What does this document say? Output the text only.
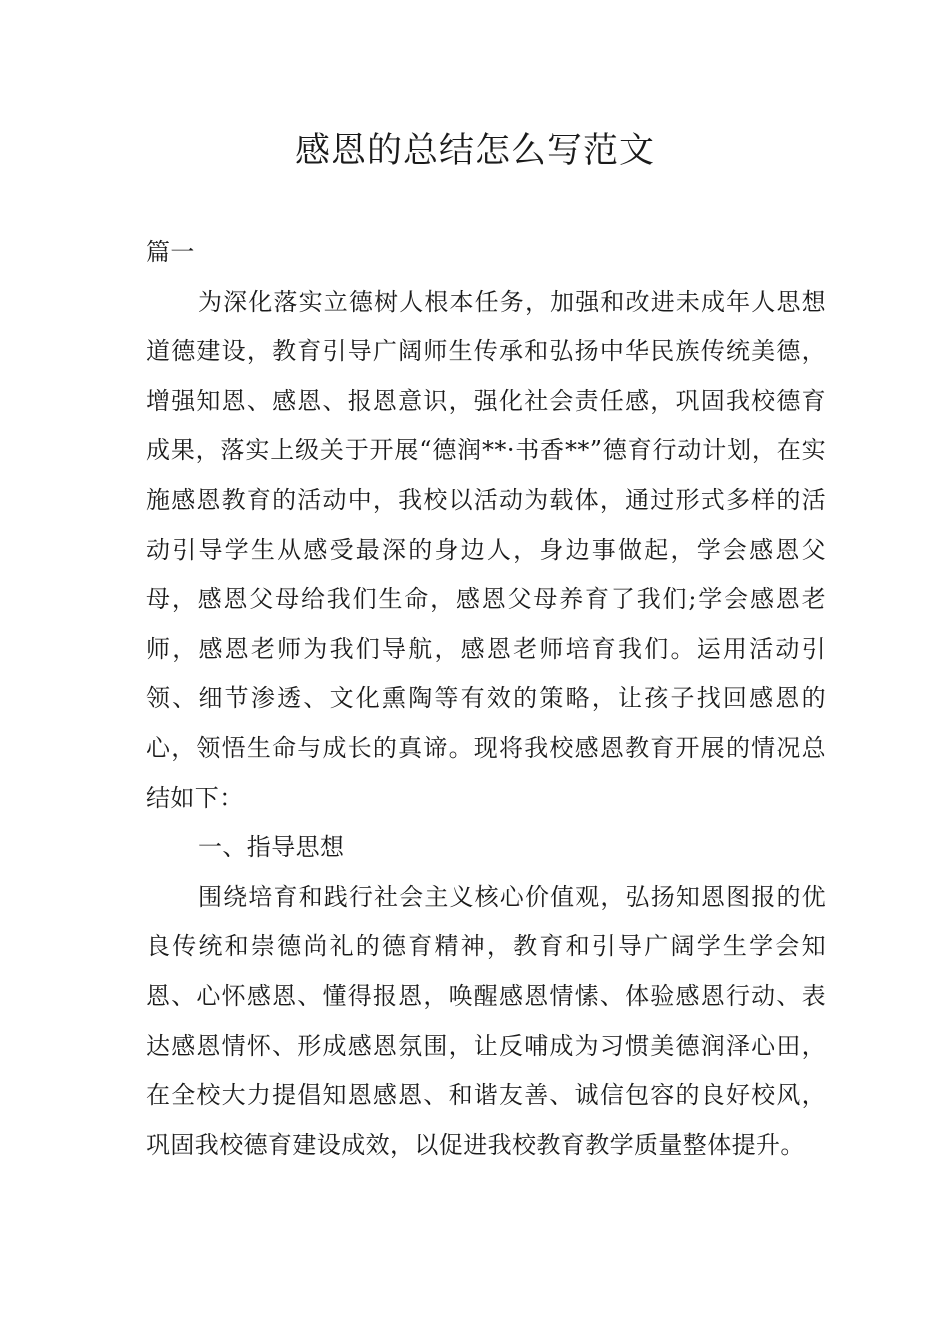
感恩的总结怎么写范文

篇一

为深化落实立德树人根本任务，加强和改进未成年人思想道德建设，教育引导广阔师生传承和弘扬中华民族传统美德，增强知恩、感恩、报恩意识，强化社会责任感，巩固我校德育成果，落实上级关于开展“德润**·书香**”德育行动计划，在实施感恩教育的活动中，我校以活动为载体，通过形式多样的活动引导学生从感受最深的身边人，身边事做起，学会感恩父母，感恩父母给我们生命，感恩父母养育了我们;学会感恩老师，感恩老师为我们导航，感恩老师培育我们。运用活动引领、细节渗透、文化熏陶等有效的策略，让孩子找回感恩的心，领悟生命与成长的真谛。现将我校感恩教育开展的情况总结如下：

一、指导思想

围绕培育和践行社会主义核心价值观，弘扬知恩图报的优良传统和崇德尚礼的德育精神，教育和引导广阔学生学会知恩、心怀感恩、懂得报恩，唤醒感恩情愫、体验感恩行动、表达感恩情怀、形成感恩氛围，让反哺成为习惯美德润泽心田，在全校大力提倡知恩感恩、和谐友善、诚信包容的良好校风，巩固我校德育建设成效，以促进我校教育教学质量整体提升。
